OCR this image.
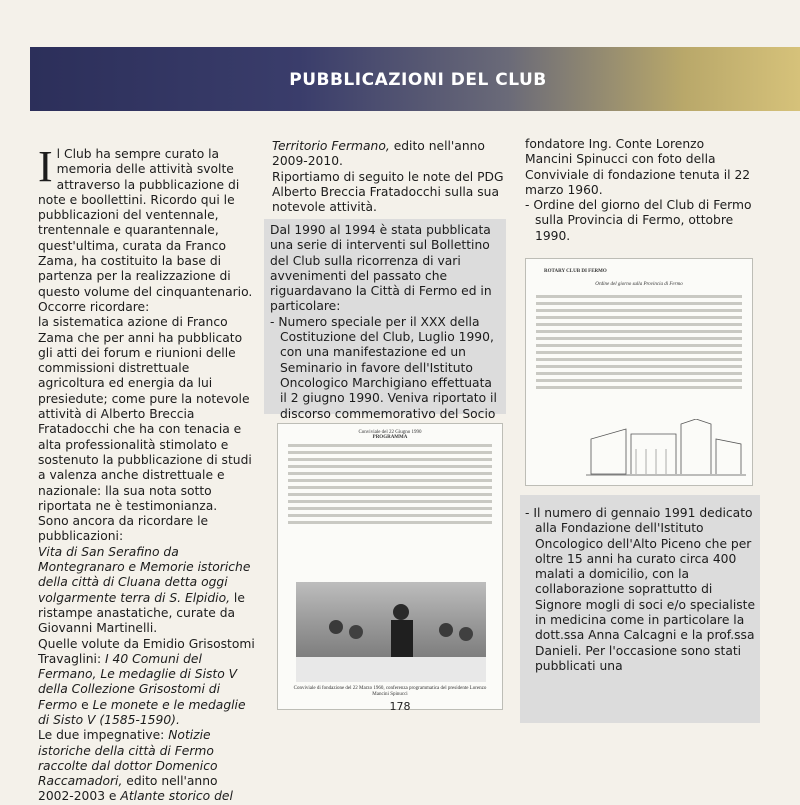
PUBBLICAZIONI DEL CLUB

Il Club ha sempre curato la memoria delle attività svolte attraverso la pubblicazione di note e boollettini. Ricordo qui le pubblicazioni del ventennale, trentennale e quarantennale, quest'ultima, curata da Franco Zama, ha costituito la base di partenza per la realizzazione di questo volume del cinquantenario.

Occorre ricordare:

la sistematica azione di Franco Zama che per anni ha pubblicato gli atti dei forum e riunioni delle commissioni distrettuale agricoltura ed energia da lui presiedute; come pure la notevole attività di Alberto Breccia Fratadocchi che ha con tenacia e alta professionalità stimolato e sostenuto la pubblicazione di studi a valenza anche distrettuale e nazionale: lla sua nota sotto riportata ne è testimonianza.

Sono ancora da ricordare le pubblicazioni:

Vita di San Serafino da Montegranaro e Memorie istoriche della città di Cluana detta oggi volgarmente terra di S. Elpidio, le ristampe anastatiche, curate da Giovanni Martinelli.

Quelle volute da Emidio Grisostomi Travaglini: I 40 Comuni del Fermano, Le medaglie di Sisto V della Collezione Grisostomi di Fermo e Le monete e le medaglie di Sisto V (1585-1590).

Le due impegnative: Notizie istoriche della città di Fermo raccolte dal dottor Domenico Raccamadori, edito nell'anno 2002-2003 e Atlante storico del

Territorio Fermano, edito nell'anno 2009-2010.

Riportiamo di seguito le note del PDG Alberto Breccia Fratadocchi sulla sua notevole attività.

Dal 1990 al 1994 è stata pubblicata una serie di interventi sul Bollettino del Club sulla ricorrenza di vari avvenimenti del passato che riguardavano la Città di Fermo ed in particolare:

- Numero speciale per il XXX della Costituzione del Club, Luglio 1990, con una manifestazione ed un Seminario in favore dell'Istituto Oncologico Marchigiano effettuata il 2 giugno 1990. Veniva riportato il discorso commemorativo del Socio

Conviviale del 22 Giugno 1990
PROGRAMMA
Conviviale di fondazione del 22 Marzo 1960, conferenza programmatica del presidente Lorenzo Mancini Spinucci

fondatore Ing. Conte Lorenzo Mancini Spinucci con foto della Conviviale di fondazione tenuta il 22 marzo 1960.

- Ordine del giorno del Club di Fermo sulla Provincia di Fermo, ottobre 1990.

ROTARY CLUB DI FERMO
Ordine del giorno sulla Provincia di Fermo

- Il numero di gennaio 1991 dedicato alla Fondazione dell'Istituto Oncologico dell'Alto Piceno che per oltre 15 anni ha curato circa 400 malati a domicilio, con la collaborazione soprattutto di Signore mogli di soci e/o specialiste in medicina come in particolare la dott.ssa Anna Calcagni e la prof.ssa Danieli. Per l'occasione sono stati pubblicati una

178
